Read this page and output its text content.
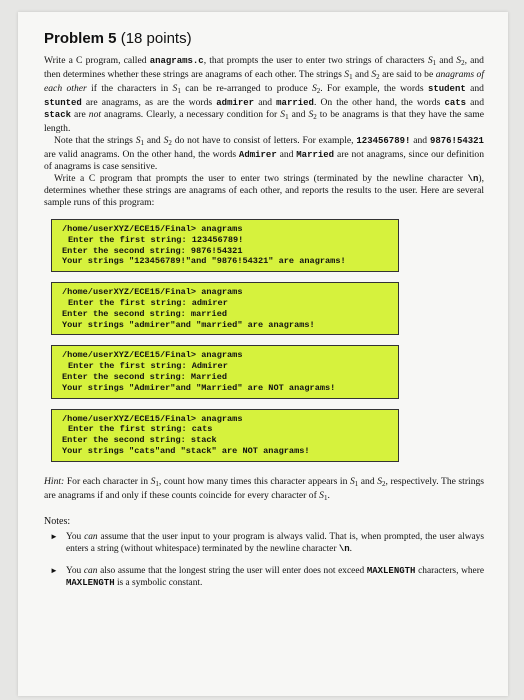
Problem 5 (18 points)

Write a C program, called anagrams.c, that prompts the user to enter two strings of characters $S_1$ and $S_2$, and then determines whether these strings are anagrams of each other. The strings $S_1$ and $S_2$ are said to be anagrams of each other if the characters in $S_1$ can be re-arranged to produce $S_2$. For example, the words student and stunted are anagrams, as are the words admirer and married. On the other hand, the words cats and stack are not anagrams. Clearly, a necessary condition for $S_1$ and $S_2$ to be anagrams is that they have the same length.

Note that the strings $S_1$ and $S_2$ do not have to consist of letters. For example, 123456789! and 9876!54321 are valid anagrams. On the other hand, the words Admirer and Married are not anagrams, since our definition of anagrams is case sensitive.

Write a C program that prompts the user to enter two strings (terminated by the newline character \n), determines whether these strings are anagrams of each other, and reports the results to the user. Here are several sample runs of this program:

/home/userXYZ/ECE15/Final> anagrams
Enter the first string: 123456789!
Enter the second string: 9876!54321
Your strings "123456789!"and "9876!54321" are anagrams!
/home/userXYZ/ECE15/Final> anagrams
Enter the first string: admirer
Enter the second string: married
Your strings "admirer"and "married" are anagrams!
/home/userXYZ/ECE15/Final> anagrams
Enter the first string: Admirer
Enter the second string: Married
Your strings "Admirer"and "Married" are NOT anagrams!
/home/userXYZ/ECE15/Final> anagrams
Enter the first string: cats
Enter the second string: stack
Your strings "cats"and "stack" are NOT anagrams!

Hint: For each character in $S_1$, count how many times this character appears in $S_1$ and $S_2$, respectively. The strings are anagrams if and only if these counts coincide for every character of $S_1$.

Notes:
► You can assume that the user input to your program is always valid. That is, when prompted, the user always enters a string (without whitespace) terminated by the newline character \n.
► You can also assume that the longest string the user will enter does not exceed MAXLENGTH characters, where MAXLENGTH is a symbolic constant.
